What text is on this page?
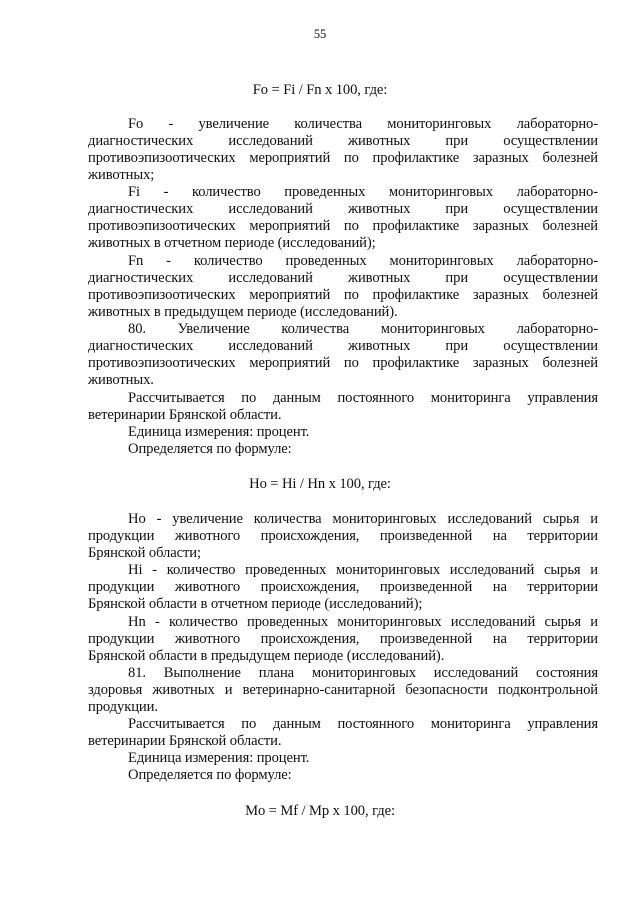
55
Fo = Fi / Fn x 100, где:
Fo - увеличение количества мониторинговых лабораторно-
диагностических исследований животных при осуществлении
противоэпизоотических мероприятий по профилактике заразных болезней
животных;
Fi - количество проведенных мониторинговых лабораторно-
диагностических исследований животных при осуществлении
противоэпизоотических мероприятий по профилактике заразных болезней
животных в отчетном периоде (исследований);
Fn - количество проведенных мониторинговых лабораторно-
диагностических исследований животных при осуществлении
противоэпизоотических мероприятий по профилактике заразных болезней
животных в предыдущем периоде (исследований).
80. Увеличение количества мониторинговых лабораторно-
диагностических исследований животных при осуществлении
противоэпизоотических мероприятий по профилактике заразных болезней
животных.
Рассчитывается по данным постоянного мониторинга управления
ветеринарии Брянской области.
Единица измерения: процент.
Определяется по формуле:
Ho = Hi / Hn x 100, где:
Ho - увеличение количества мониторинговых исследований сырья и
продукции животного происхождения, произведенной на территории
Брянской области;
Hi - количество проведенных мониторинговых исследований сырья и
продукции животного происхождения, произведенной на территории
Брянской области в отчетном периоде (исследований);
Hn - количество проведенных мониторинговых исследований сырья и
продукции животного происхождения, произведенной на территории
Брянской области в предыдущем периоде (исследований).
81. Выполнение плана мониторинговых исследований состояния
здоровья животных и ветеринарно-санитарной безопасности подконтрольной
продукции.
Рассчитывается по данным постоянного мониторинга управления
ветеринарии Брянской области.
Единица измерения: процент.
Определяется по формуле:
Mo = Mf / Mp x 100, где:
